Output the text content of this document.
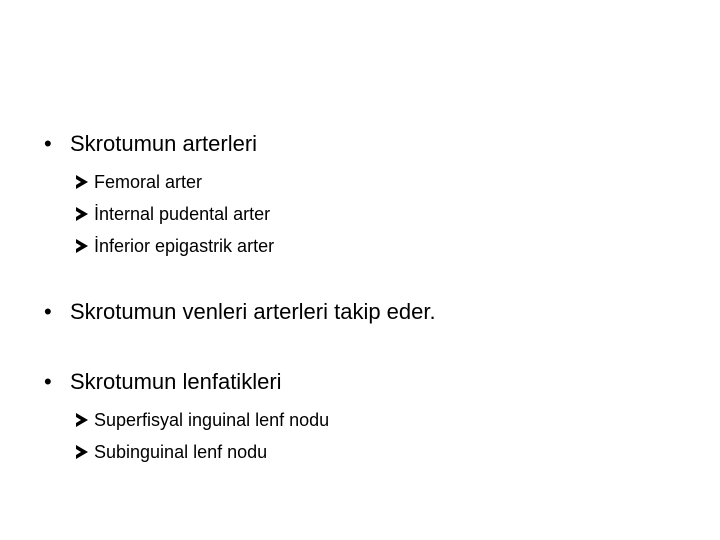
• Skrotumun arterleri
Femoral arter
İnternal pudental arter
İnferior epigastrik arter
• Skrotumun venleri arterleri takip eder.
• Skrotumun lenfatikleri
Superfisyal inguinal lenf nodu
Subinguinal lenf nodu
